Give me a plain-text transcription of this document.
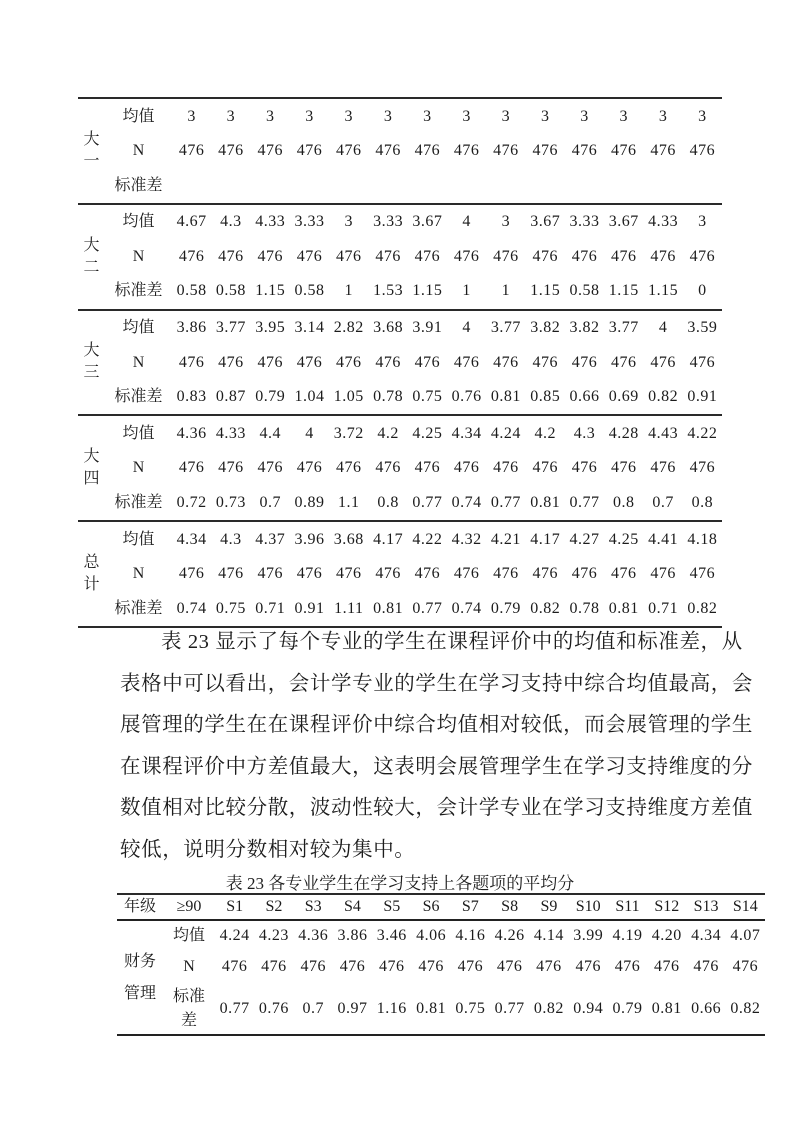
大一
均值	3	3	3	3	3	3	3	3	3	3	3	3	3	3
N	476 476 476 476 476 476 476 476 476 476 476 476 476 476
标准差
大二
均值	4.67 4.3 4.33 3.33	3	3.33 3.67	4	3	3.67 3.33 3.67 4.33	3
N	476 476 476 476 476 476 476 476 476 476 476 476 476 476
标准差 0.58 0.58 1.15 0.58	1	1.53 1.15	1	1	1.15 0.58 1.15 1.15	0
大三
均值	3.86 3.77 3.95 3.14 2.82 3.68 3.91	4	3.77 3.82 3.82 3.77	4	3.59
N	476 476 476 476 476 476 476 476 476 476 476 476 476 476
标准差 0.83 0.87 0.79 1.04 1.05 0.78 0.75 0.76 0.81 0.85 0.66 0.69 0.82 0.91
大四
均值	4.36 4.33 4.4	4	3.72 4.2 4.25 4.34 4.24 4.2	4.3 4.28 4.43 4.22
N	476 476 476 476 476 476 476 476 476 476 476 476 476 476
标准差 0.72 0.73 0.7 0.89 1.1	0.8 0.77 0.74 0.77 0.81 0.77 0.8	0.7	0.8
总计
均值	4.34 4.3 4.37 3.96 3.68 4.17 4.22 4.32 4.21 4.17 4.27 4.25 4.41 4.18
N	476 476 476 476 476 476 476 476 476 476 476 476 476 476
标准差 0.74 0.75 0.71 0.91 1.11 0.81 0.77 0.74 0.79 0.82 0.78 0.81 0.71 0.82
表 23 显示了每个专业的学生在课程评价中的均值和标准差，从
表格中可以看出，会计学专业的学生在学习支持中综合均值最高，会
展管理的学生在在课程评价中综合均值相对较低，而会展管理的学生
在课程评价中方差值最大，这表明会展管理学生在学习支持维度的分
数值相对比较分散，波动性较大，会计学专业在学习支持维度方差值
较低，说明分数相对较为集中。
表 23 各专业学生在学习支持上各题项的平均分
年级	≥90	S1	S2	S3	S4	S5	S6	S7	S8	S9	S10 S11 S12 S13 S14
财务管理
均值 4.24 4.23 4.36 3.86 3.46 4.06 4.16 4.26 4.14 3.99 4.19 4.20 4.34 4.07
N	476 476 476 476 476 476 476 476 476 476 476 476 476 476
标准差
0.77 0.76 0.7 0.97 1.16 0.81 0.75 0.77 0.82 0.94 0.79 0.81 0.66 0.82
